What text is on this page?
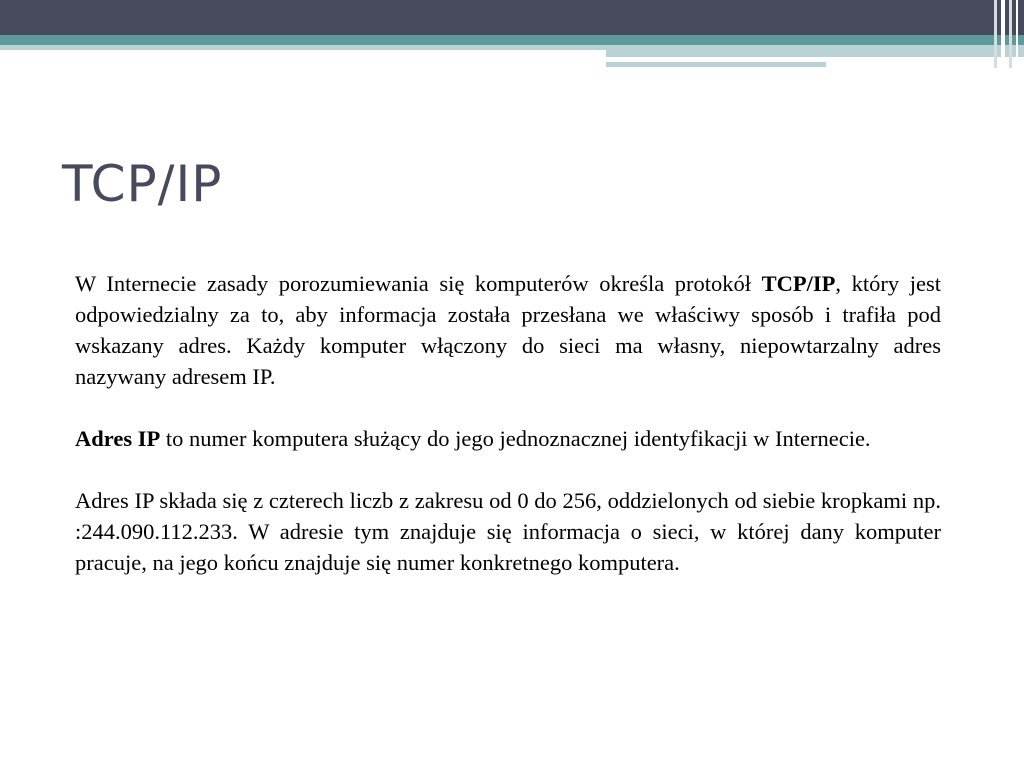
TCP/IP

W Internecie zasady porozumiewania się komputerów określa protokół TCP/IP, który jest odpowiedzialny za to, aby informacja została przesłana we właściwy sposób i trafiła pod wskazany adres. Każdy komputer włączony do sieci ma własny, niepowtarzalny adres nazywany adresem IP.

Adres IP to numer komputera służący do jego jednoznacznej identyfikacji w Internecie.

Adres IP składa się z czterech liczb z zakresu od 0 do 256, oddzielonych od siebie kropkami np. :244.090.112.233. W adresie tym znajduje się informacja o sieci, w której dany komputer pracuje, na jego końcu znajduje się numer konkretnego komputera.
